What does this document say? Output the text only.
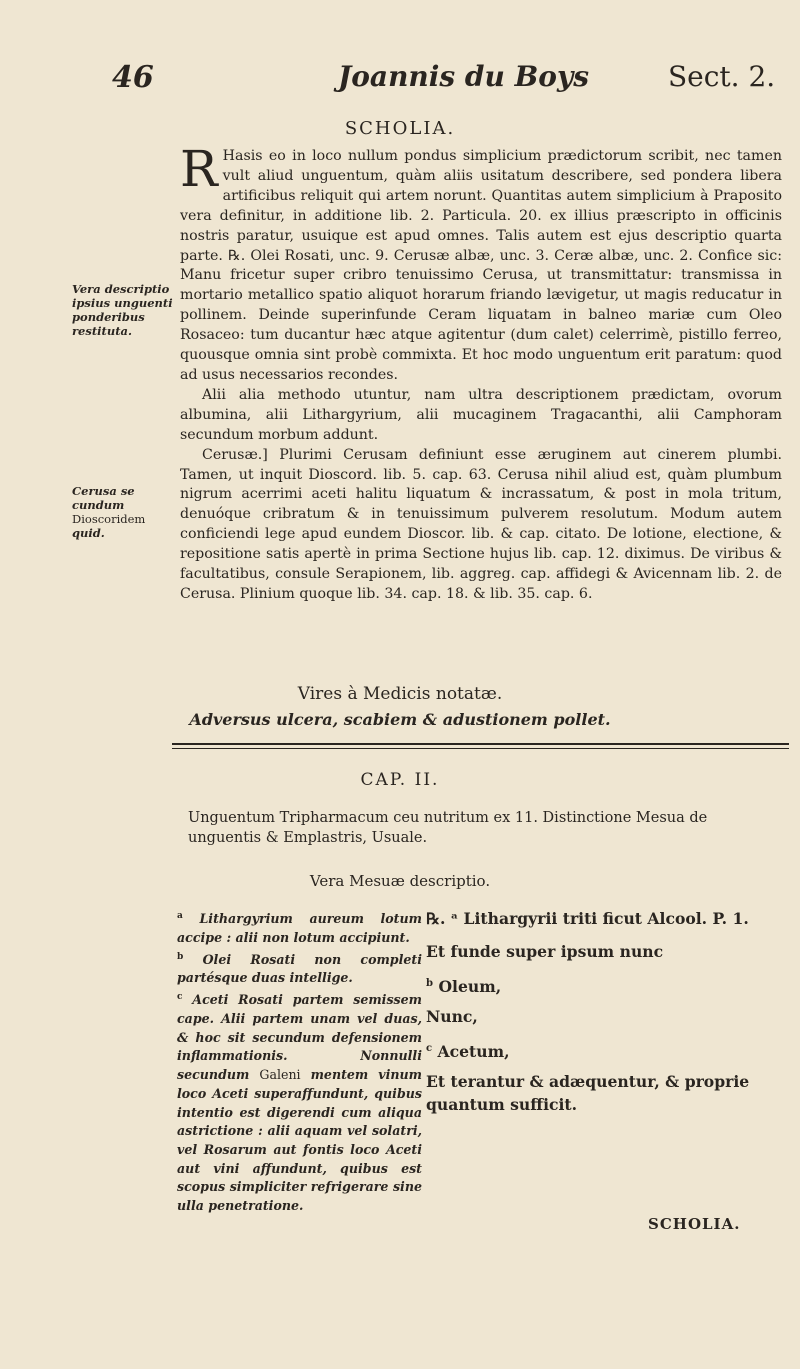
46	Joannis du Boys	Sect. 2.
SCHOLIA.
Vera descriptio ipsius unguenti ponderibus restituta.
Cerusa se cundum
Dioscoridem
quid.

R Hasis eo in loco nullum pondus simplicium prædictorum scribit, nec tamen vult aliud unguentum, quàm aliis usitatum describere, sed pondera libera artificibus reliquit qui artem norunt. Quantitas autem simplicium à Praposito vera definitur, in additione lib. 2. Particula. 20. ex illius præscripto in officinis nostris paratur, usuique est apud omnes. Talis autem est ejus descriptio quarta parte. ℞. Olei Rosati, unc. 9. Cerusæ albæ, unc. 3. Ceræ albæ, unc. 2. Confice sic: Manu fricetur super cribro tenuissimo Cerusa, ut transmittatur: transmissa in mortario metallico spatio aliquot horarum friando lævigetur, ut magis reducatur in pollinem. Deinde superinfunde Ceram liquatam in balneo mariæ cum Oleo Rosaceo: tum ducantur hæc atque agitentur (dum calet) celerrimè, pistillo ferreo, quousque omnia sint probè commixta. Et hoc modo unguentum erit paratum: quod ad usus necessarios recondes.

Alii alia methodo utuntur, nam ultra descriptionem prædictam, ovorum albumina, alii Lithargyrium, alii mucaginem Tragacanthi, alii Camphoram secundum morbum addunt.

Cerusæ.] Plurimi Cerusam definiunt esse æruginem aut cinerem plumbi. Tamen, ut inquit Dioscord. lib. 5. cap. 63. Cerusa nihil aliud est, quàm plumbum nigrum acerrimi aceti halitu liquatum & incrassatum, & post in mola tritum, denuóque cribratum & in tenuissimum pulverem resolutum. Modum autem conficiendi lege apud eundem Dioscor. lib. & cap. citato. De lotione, electione, & repositione satis apertè in prima Sectione hujus lib. cap. 12. diximus. De viribus & facultatibus, consule Serapionem, lib. aggreg. cap. affidegi & Avicennam lib. 2. de Cerusa. Plinium quoque lib. 34. cap. 18. & lib. 35. cap. 6.

Vires à Medicis notatæ.
Adversus ulcera, scabiem & adustionem pollet.
CAP. II.
Unguentum Tripharmacum ceu nutritum ex 11. Distinctione Mesua de unguentis & Emplastris, Usuale.
Vera Mesuæ descriptio.

$^a$ Lithargyrium aureum lotum accipe : alii non lotum accipiunt.

$^b$ Olei Rosati non completi partésque duas intellige.

$^c$ Aceti Rosati partem semissem cape. Alii partem unam vel duas, & hoc sit secundum defensionem inflammationis. Nonnulli secundum Galeni mentem vinum loco Aceti superaffundunt, quibus intentio est digerendi cum aliqua astrictione : alii aquam vel solatri, vel Rosarum aut fontis loco Aceti aut vini affundunt, quibus est scopus simpliciter refrigerare sine ulla penetratione.

℞. ᵃ Lithargyrii triti ficut Alcool. P. 1.
Et funde super ipsum nunc
$^b$ Oleum,
Nunc,
$^c$ Acetum,
Et terantur & adæquentur, & proprie
quantum sufficit.
SCHOLIA.
